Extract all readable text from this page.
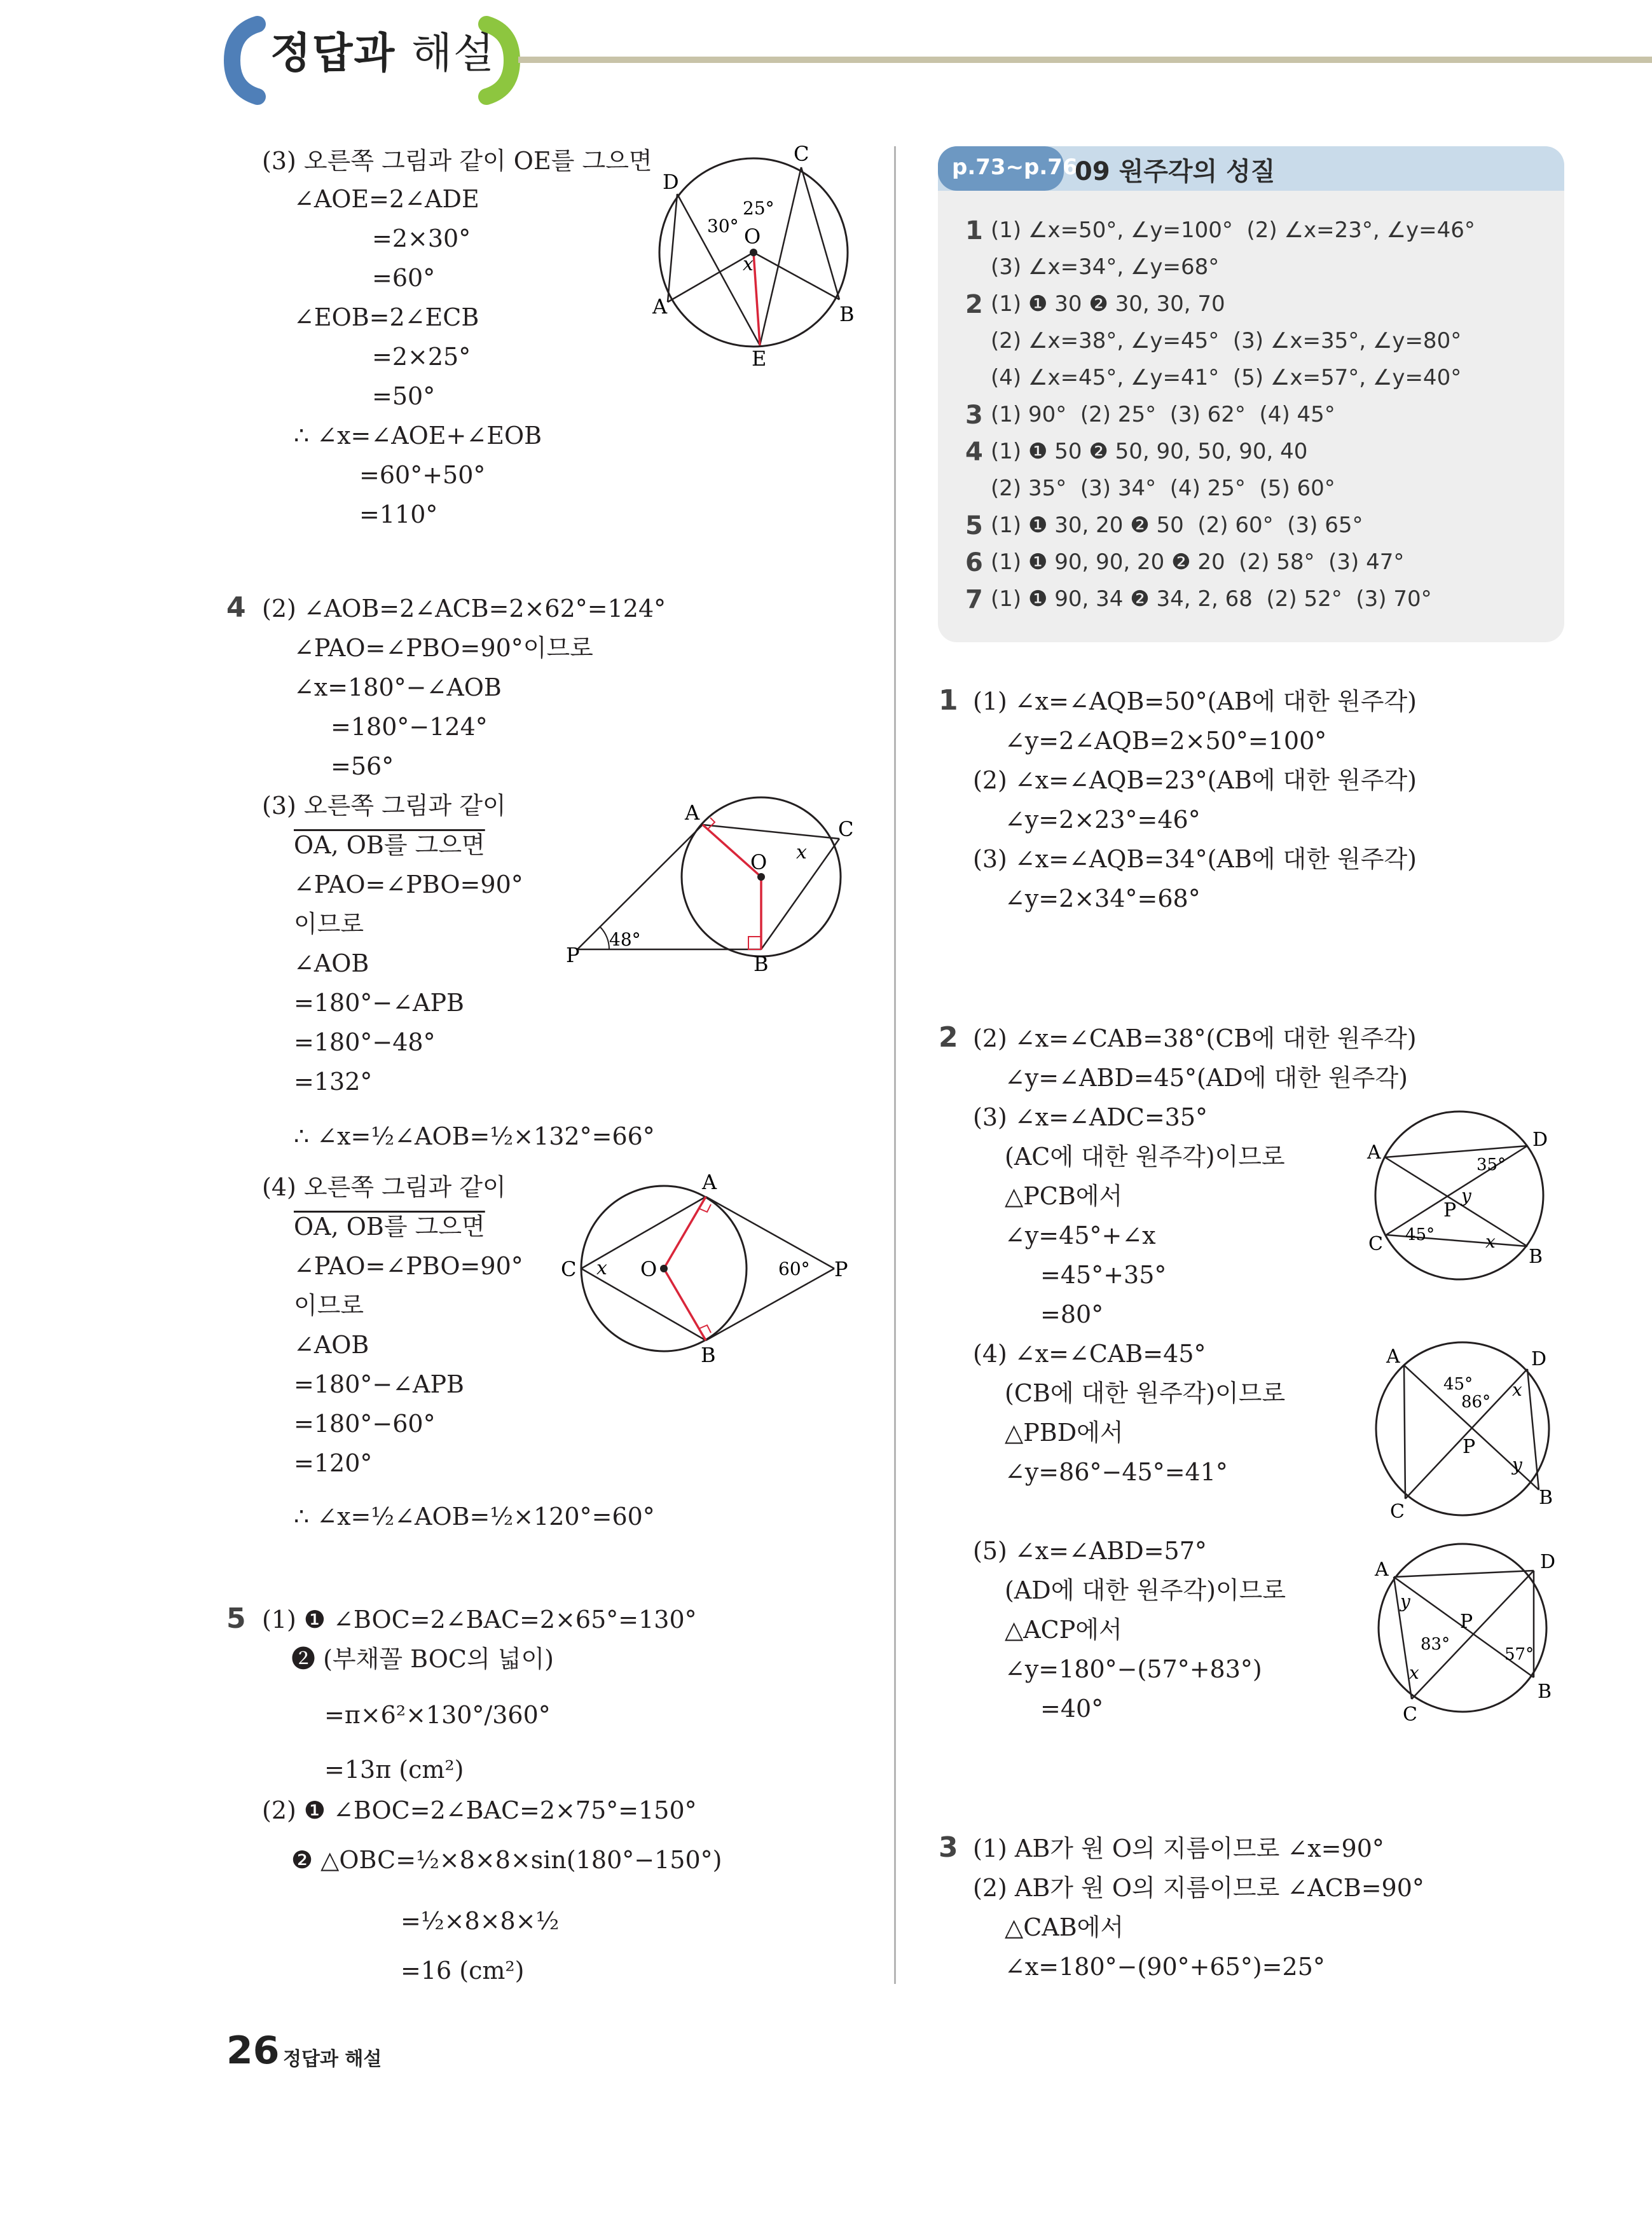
정답과 해설
(3) 오른쪽 그림과 같이 OE를 그으면
∠AOE=2∠ADE
=2×30°
=60°
∠EOB=2∠ECB
=2×25°
=50°
∴ ∠x=∠AOE+∠EOB
=60°+50°
=110°
D
C
O
A	B
E
x
30°
25°
4 (2) ∠AOB=2∠ACB=2×62°=124°
∠PAO=∠PBO=90°이므로
∠x=180°−∠AOB
=180°−124°
=56°
(3) 오른쪽 그림과 같이
OA, OB를 그으면
∠PAO=∠PBO=90°
이므로
∠AOB
=180°−∠APB
=180°−48°
=132°
∴ ∠x=½∠AOB=½×132°=66°
(4) 오른쪽 그림과 같이
OA, OB를 그으면
∠PAO=∠PBO=90°
이므로
∠AOB
=180°−∠APB
=180°−60°
=120°
∴ ∠x=½∠AOB=½×120°=60°
A
C
O
P	B
x
48°
A
C	O	P
B
x	60°
5 (1) ❶ ∠BOC=2∠BAC=2×65°=130°
❷ (부채꼴 BOC의 넓이)
=π×6²×130°/360°
=13π (cm²)
(2) ❶ ∠BOC=2∠BAC=2×75°=150°
❷ △OBC=½×8×8×sin(180°−150°)
=½×8×8×½
=16 (cm²)
p.73~p.76
09 원주각의 성질
1 (1) ∠x=50°, ∠y=100°  (2) ∠x=23°, ∠y=46°
(3) ∠x=34°, ∠y=68°
2 (1) ❶ 30 ❷ 30, 30, 70
(2) ∠x=38°, ∠y=45°  (3) ∠x=35°, ∠y=80°
(4) ∠x=45°, ∠y=41°  (5) ∠x=57°, ∠y=40°
3 (1) 90°  (2) 25°  (3) 62°  (4) 45°
4 (1) ❶ 50 ❷ 50, 90, 50, 90, 40
(2) 35°  (3) 34°  (4) 25°  (5) 60°
5 (1) ❶ 30, 20 ❷ 50  (2) 60°  (3) 65°
6 (1) ❶ 90, 90, 20 ❷ 20  (2) 58°  (3) 47°
7 (1) ❶ 90, 34 ❷ 34, 2, 68  (2) 52°  (3) 70°
1 (1) ∠x=∠AQB=50°(AB에 대한 원주각)
∠y=2∠AQB=2×50°=100°
(2) ∠x=∠AQB=23°(AB에 대한 원주각)
∠y=2×23°=46°
(3) ∠x=∠AQB=34°(AB에 대한 원주각)
∠y=2×34°=68°
2 (2) ∠x=∠CAB=38°(CB에 대한 원주각)
∠y=∠ABD=45°(AD에 대한 원주각)
(3) ∠x=∠ADC=35°
(AC에 대한 원주각)이므로
△PCB에서
∠y=45°+∠x
=45°+35°
=80°
(4) ∠x=∠CAB=45°
(CB에 대한 원주각)이므로
△PBD에서
∠y=86°−45°=41°
(5) ∠x=∠ABD=57°
(AD에 대한 원주각)이므로
△ACP에서
∠y=180°−(57°+83°)
=40°
A
D
P
C
B
x
y
35°
45°
A	D
P
C
B
x
y
45°
86°
A	D
P
C
B
x
y
83°
57°
3 (1) AB가 원 O의 지름이므로 ∠x=90°
(2) AB가 원 O의 지름이므로 ∠ACB=90°
△CAB에서
∠x=180°−(90°+65°)=25°
26 정답과 해설
